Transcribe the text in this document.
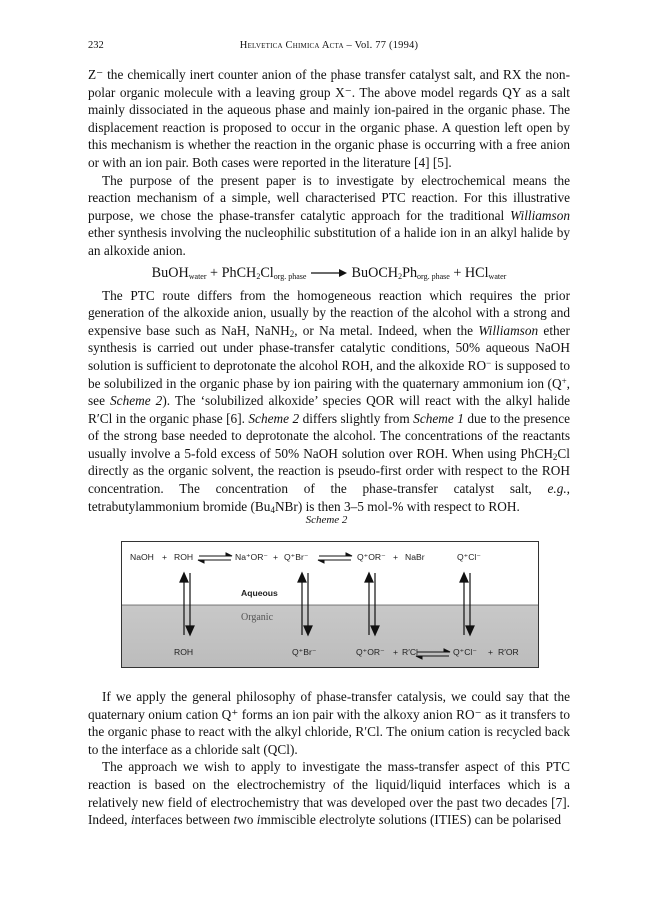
232	Helvetica Chimica Acta – Vol. 77 (1994)

Z⁻ the chemically inert counter anion of the phase transfer catalyst salt, and RX the non-polar organic molecule with a leaving group X⁻. The above model regards QY as a salt mainly dissociated in the aqueous phase and mainly ion-paired in the organic phase. The displacement reaction is proposed to occur in the organic phase. A question left open by this mechanism is whether the reaction in the organic phase is occurring with a free anion or with an ion pair. Both cases were reported in the literature [4] [5].

The purpose of the present paper is to investigate by electrochemical means the reaction mechanism of a simple, well characterised PTC reaction. For this illustrative purpose, we chose the phase-transfer catalytic approach for the traditional Williamson ether synthesis involving the nucleophilic substitution of a halide ion in an alkyl halide by an alkoxide anion.

BuOH$_{water}$ + $PhCH_2Cl_{org. phase}$ → $BuOCH_2Ph_{org. phase} + HCl_{water}$

The PTC route differs from the homogeneous reaction which requires the prior generation of the alkoxide anion, usually by the reaction of the alcohol with a strong and expensive base such as NaH, NaNH$_2$, or Na metal. Indeed, when the Williamson ether synthesis is carried out under phase-transfer catalytic conditions, 50% aqueous NaOH solution is sufficient to deprotonate the alcohol ROH, and the alkoxide RO− is supposed to be solubilized in the organic phase by ion pairing with the quaternary ammonium ion (Q+, see Scheme 2). The ‘solubilized alkoxide’ species QOR will react with the alkyl halide R′Cl in the organic phase [6]. Scheme 2 differs slightly from Scheme 1 due to the presence of the strong base needed to deprotonate the alcohol. The concentrations of the reactants usually involve a 5-fold excess of 50% NaOH solution over ROH. When using PhCH$_2$Cl directly as the organic solvent, the reaction is pseudo-first order with respect to the ROH concentration. The concentration of the phase-transfer catalyst salt, e.g., tetrabutylammonium bromide $(Bu_4NBr)$ is then 3–5 mol-% with respect to ROH.

Scheme 2
NaOH + ROH	Na⁺OR⁻ + Q⁺Br⁻	Q⁺OR⁻ + NaBr	Q⁺Cl⁻
Aqueous
Organic
ROH	Q⁺Br⁻	Q⁺OR⁻ + R′Cl	Q⁺Cl⁻ + R′OR

If we apply the general philosophy of phase-transfer catalysis, we could say that the quaternary onium cation Q⁺ forms an ion pair with the alkoxy anion RO⁻ as it transfers to the organic phase to react with the alkyl chloride, R′Cl. The onium cation is recycled back to the interface as a chloride salt (QCl).

The approach we wish to apply to investigate the mass-transfer aspect of this PTC reaction is based on the electrochemistry of the liquid/liquid interfaces which is a relatively new field of electrochemistry that was developed over the past two decades [7]. Indeed, interfaces between two immiscible electrolyte solutions (ITIES) can be polarised
